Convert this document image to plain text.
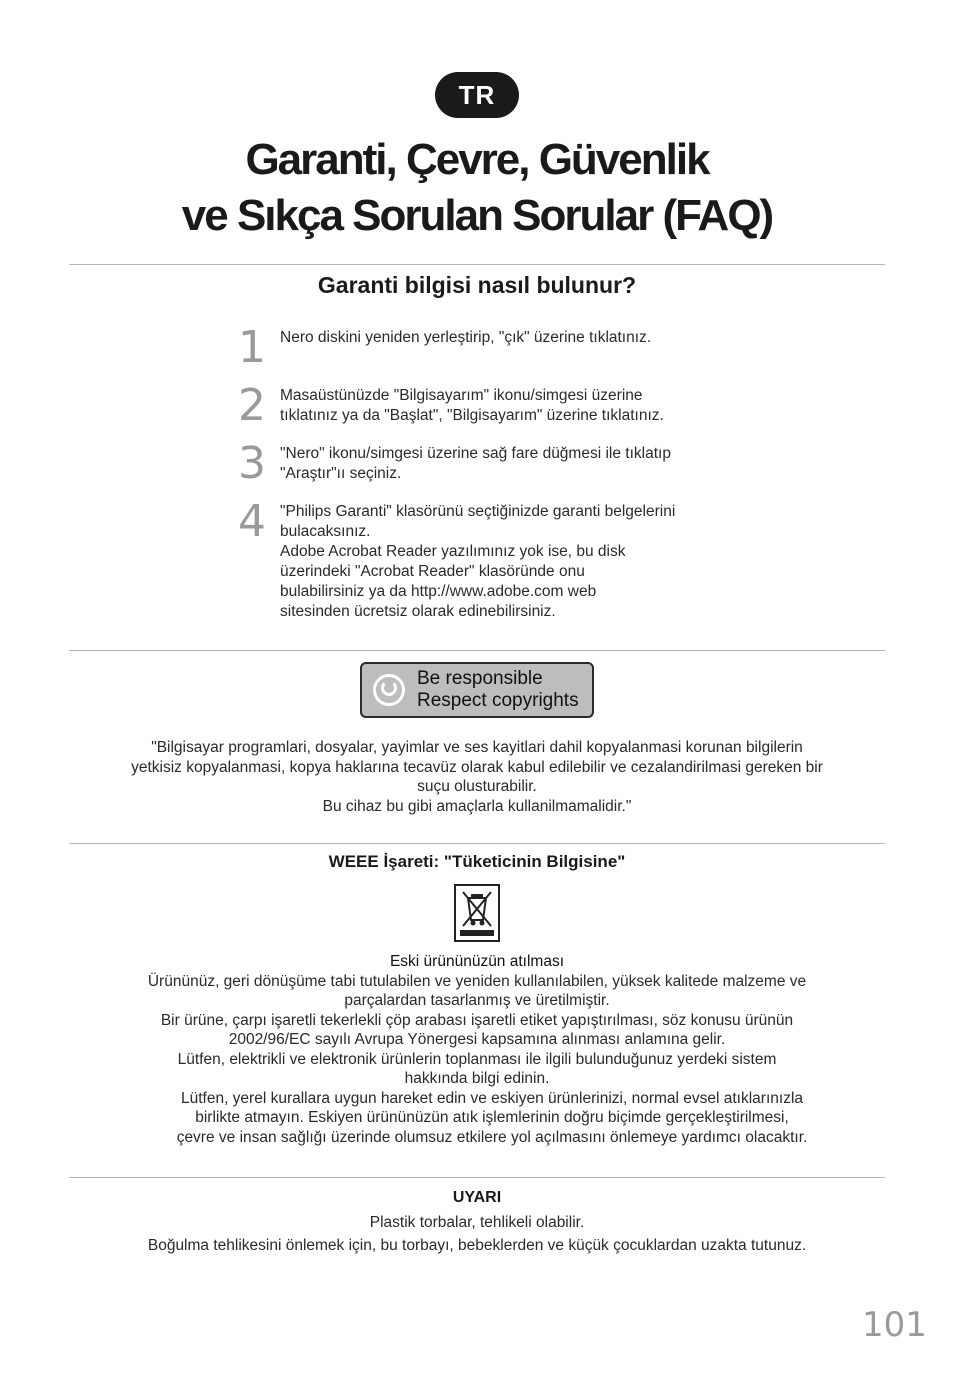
TR
Garanti, Çevre, Güvenlik
ve Sıkça Sorulan Sorular (FAQ)
Garanti bilgisi nasıl bulunur?
1 Nero diskini yeniden yerleştirip, "çık" üzerine tıklatınız.
2 Masaüstünüzde "Bilgisayarım" ikonu/simgesi üzerine
tıklatınız ya da "Başlat", "Bilgisayarım" üzerine tıklatınız.
3 "Nero" ikonu/simgesi üzerine sağ fare düğmesi ile tıklatıp
"Araştır"ıı seçiniz.
4 "Philips Garanti" klasörünü seçtiğinizde garanti belgelerini
bulacaksınız.
Adobe Acrobat Reader yazılımınız yok ise, bu disk
üzerindeki "Acrobat Reader" klasöründe onu
bulabilirsiniz ya da http://www.adobe.com web
sitesinden ücretsiz olarak edinebilirsiniz.
Be responsible
Respect copyrights
"Bilgisayar programlari, dosyalar, yayimlar ve ses kayitlari dahil kopyalanmasi korunan bilgilerin
yetkisiz kopyalanmasi, kopya haklarına tecavüz olarak kabul edilebilir ve cezalandirilmasi gereken bir
suçu olusturabilir.
Bu cihaz bu gibi amaçlarla kullanilmamalidir."
WEEE İşareti: "Tüketicinin Bilgisine"
Eski ürününüzün atılması
Ürününüz, geri dönüşüme tabi tutulabilen ve yeniden kullanılabilen, yüksek kalitede malzeme ve
parçalardan tasarlanmış ve üretilmiştir.
Bir ürüne, çarpı işaretli tekerlekli çöp arabası işaretli etiket yapıştırılması, söz konusu ürünün
2002/96/EC sayılı Avrupa Yönergesi kapsamına alınması anlamına gelir.
Lütfen, elektrikli ve elektronik ürünlerin toplanması ile ilgili bulunduğunuz yerdeki sistem
hakkında bilgi edinin.
Lütfen, yerel kurallara uygun hareket edin ve eskiyen ürünlerinizi, normal evsel atıklarınızla
birlikte atmayın. Eskiyen ürününüzün atık işlemlerinin doğru biçimde gerçekleştirilmesi,
çevre ve insan sağlığı üzerinde olumsuz etkilere yol açılmasını önlemeye yardımcı olacaktır.
UYARI
Plastik torbalar, tehlikeli olabilir.
Boğulma tehlikesini önlemek için, bu torbayı, bebeklerden ve küçük çocuklardan uzakta tutunuz.
101
